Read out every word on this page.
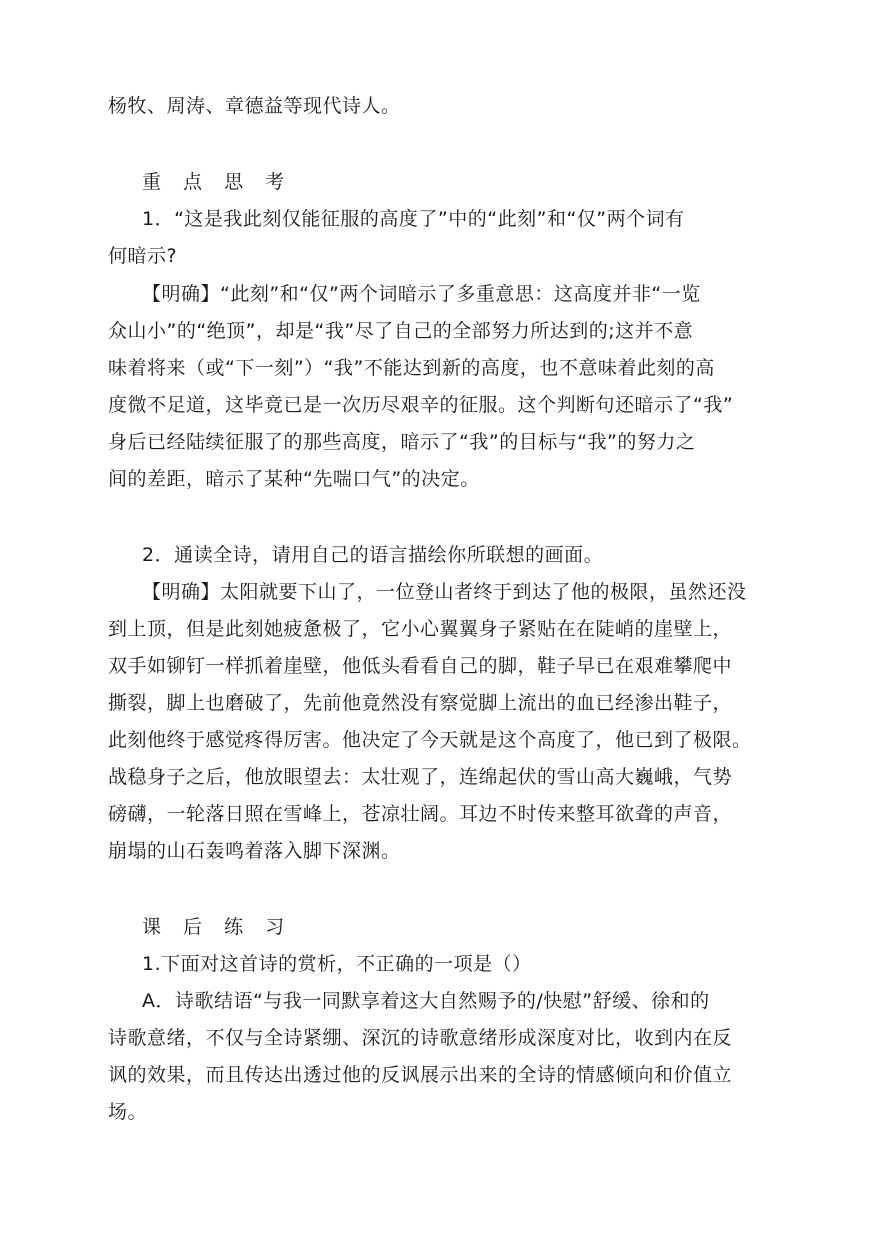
杨牧、周涛、章德益等现代诗人。
重 点 思 考
1．“这是我此刻仅能征服的高度了”中的“此刻”和“仅”两个词有
何暗示?
【明确】“此刻”和“仅”两个词暗示了多重意思：这高度并非“一览
众山小”的“绝顶”，却是“我”尽了自己的全部努力所达到的;这并不意
味着将来（或“下一刻”）“我”不能达到新的高度，也不意味着此刻的高
度微不足道，这毕竟已是一次历尽艰辛的征服。这个判断句还暗示了“我”
身后已经陆续征服了的那些高度，暗示了“我”的目标与“我”的努力之
间的差距，暗示了某种“先喘口气”的决定。
2．通读全诗，请用自己的语言描绘你所联想的画面。
【明确】太阳就要下山了，一位登山者终于到达了他的极限，虽然还没
到上顶，但是此刻她疲惫极了，它小心翼翼身子紧贴在在陡峭的崖壁上，
双手如铆钉一样抓着崖壁，他低头看看自己的脚，鞋子早已在艰难攀爬中
撕裂，脚上也磨破了，先前他竟然没有察觉脚上流出的血已经渗出鞋子，
此刻他终于感觉疼得厉害。他决定了今天就是这个高度了，他已到了极限。
战稳身子之后，他放眼望去：太壮观了，连绵起伏的雪山高大巍峨，气势
磅礴，一轮落日照在雪峰上，苍凉壮阔。耳边不时传来整耳欲聋的声音，
崩塌的山石轰鸣着落入脚下深渊。
课 后 练 习
1.下面对这首诗的赏析，不正确的一项是（）
A．诗歌结语“与我一同默享着这大自然赐予的/快慰”舒缓、徐和的
诗歌意绪，不仅与全诗紧绷、深沉的诗歌意绪形成深度对比，收到内在反
讽的效果，而且传达出透过他的反讽展示出来的全诗的情感倾向和价值立
场。
